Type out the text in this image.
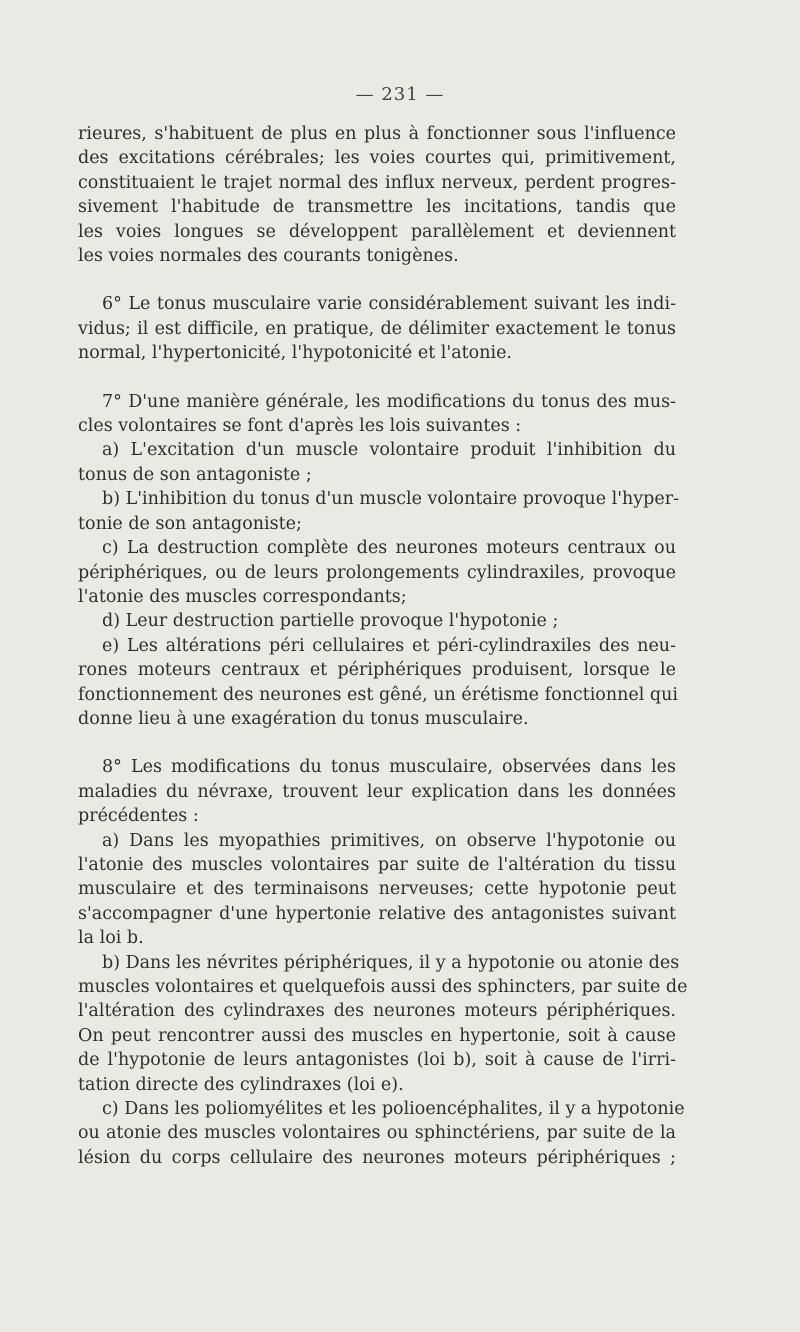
— 231 —
rieures, s'habituent de plus en plus à fonctionner sous l'influence
des excitations cérébrales; les voies courtes qui, primitivement,
constituaient le trajet normal des influx nerveux, perdent progres-
sivement l'habitude de transmettre les incitations, tandis que
les voies longues se développent parallèlement et deviennent
les voies normales des courants tonigènes.
6° Le tonus musculaire varie considérablement suivant les indi-
vidus; il est difficile, en pratique, de délimiter exactement le tonus
normal, l'hypertonicité, l'hypotonicité et l'atonie.
7° D'une manière générale, les modifications du tonus des mus-
cles volontaires se font d'après les lois suivantes :
a) L'excitation d'un muscle volontaire produit l'inhibition du
tonus de son antagoniste ;
b) L'inhibition du tonus d'un muscle volontaire provoque l'hyper-
tonie de son antagoniste;
c) La destruction complète des neurones moteurs centraux ou
périphériques, ou de leurs prolongements cylindraxiles, provoque
l'atonie des muscles correspondants;
d) Leur destruction partielle provoque l'hypotonie ;
e) Les altérations péri cellulaires et péri-cylindraxiles des neu-
rones moteurs centraux et périphériques produisent, lorsque le
fonctionnement des neurones est gêné, un érétisme fonctionnel qui
donne lieu à une exagération du tonus musculaire.
8° Les modifications du tonus musculaire, observées dans les
maladies du névraxe, trouvent leur explication dans les données
précédentes :
a) Dans les myopathies primitives, on observe l'hypotonie ou
l'atonie des muscles volontaires par suite de l'altération du tissu
musculaire et des terminaisons nerveuses; cette hypotonie peut
s'accompagner d'une hypertonie relative des antagonistes suivant
la loi b.
b) Dans les névrites périphériques, il y a hypotonie ou atonie des
muscles volontaires et quelquefois aussi des sphincters, par suite de
l'altération des cylindraxes des neurones moteurs périphériques.
On peut rencontrer aussi des muscles en hypertonie, soit à cause
de l'hypotonie de leurs antagonistes (loi b), soit à cause de l'irri-
tation directe des cylindraxes (loi e).
c) Dans les poliomyélites et les polioencéphalites, il y a hypotonie
ou atonie des muscles volontaires ou sphinctériens, par suite de la
lésion du corps cellulaire des neurones moteurs périphériques ;
